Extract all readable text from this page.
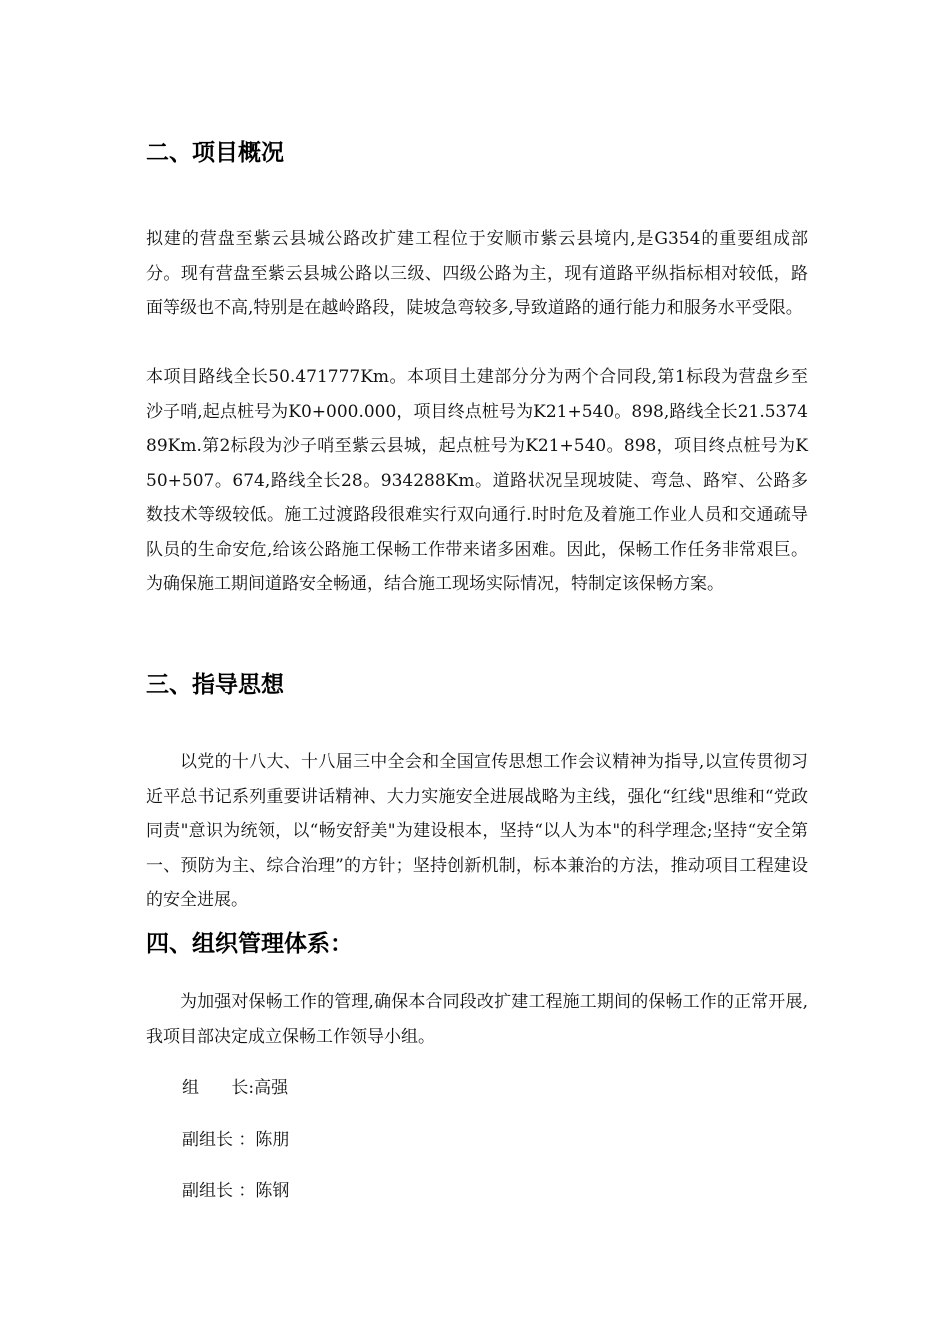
二、项目概况

拟建的营盘至紫云县城公路改扩建工程位于安顺市紫云县境内,是G354的重要组成部分。现有营盘至紫云县城公路以三级、四级公路为主，现有道路平纵指标相对较低，路面等级也不高,特别是在越岭路段，陡坡急弯较多,导致道路的通行能力和服务水平受限。

本项目路线全长50.471777Km。本项目土建部分分为两个合同段,第1标段为营盘乡至沙子哨,起点桩号为K0+000.000，项目终点桩号为K21+540。898,路线全长21.537489Km.第2标段为沙子哨至紫云县城，起点桩号为K21+540。898，项目终点桩号为K50+507。674,路线全长28。934288Km。道路状况呈现坡陡、弯急、路窄、公路多数技术等级较低。施工过渡路段很难实行双向通行.时时危及着施工作业人员和交通疏导队员的生命安危,给该公路施工保畅工作带来诸多困难。因此，保畅工作任务非常艰巨。为确保施工期间道路安全畅通，结合施工现场实际情况，特制定该保畅方案。

三、指导思想

以党的十八大、十八届三中全会和全国宣传思想工作会议精神为指导,以宣传贯彻习近平总书记系列重要讲话精神、大力实施安全进展战略为主线，强化“红线"思维和“党政同责"意识为统领，以“畅安舒美"为建设根本，坚持“以人为本"的科学理念;坚持“安全第一、预防为主、综合治理”的方针；坚持创新机制，标本兼治的方法，推动项目工程建设的安全进展。

四、组织管理体系：

为加强对保畅工作的管理,确保本合同段改扩建工程施工期间的保畅工作的正常开展,我项目部决定成立保畅工作领导小组。

组      长:高强

副组长 ：陈朋

副组长 ：陈钢
